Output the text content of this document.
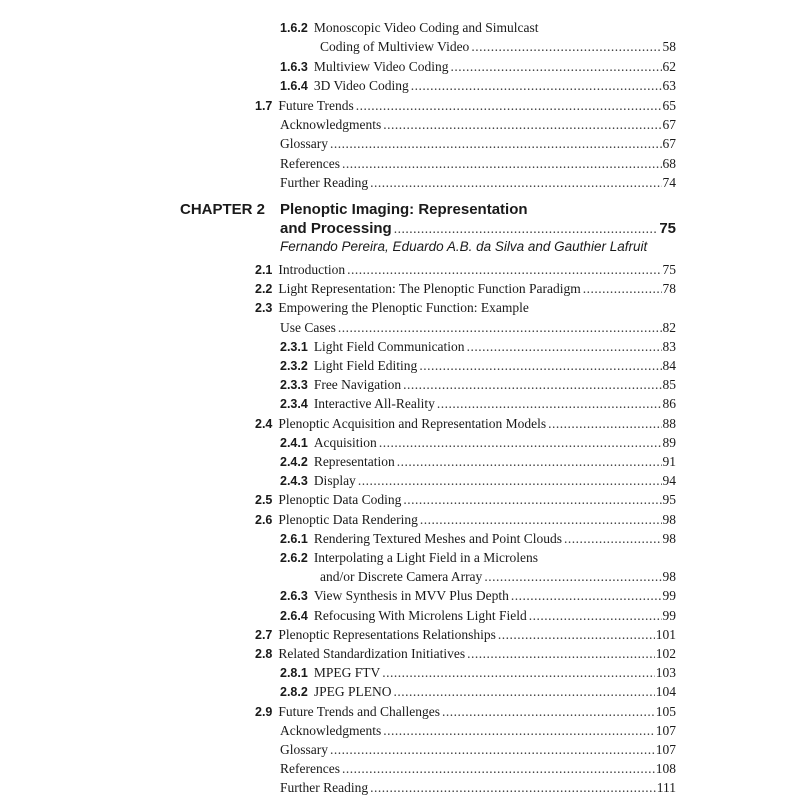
CHAPTER 2 Plenoptic Imaging: Representation
and Processing .....	75
Fernando Pereira, Eduardo A.B. da Silva and Gauthier Lafruit
1.6.2 Monoscopic Video Coding and Simulcast
Coding of Multiview Video .....	58
1.6.3 Multiview Video Coding .....	62
1.6.4 3D Video Coding .....	63
1.7 Future Trends .....	65
Acknowledgments .....	67
Glossary .....	67
References .....	68
Further Reading .....	74
2.1 Introduction .....	75
2.2 Light Representation: The Plenoptic Function Paradigm .....	78
2.3 Empowering the Plenoptic Function: Example
Use Cases .....	82
2.3.1 Light Field Communication .....	83
2.3.2 Light Field Editing .....	84
2.3.3 Free Navigation .....	85
2.3.4 Interactive All-Reality .....	86
2.4 Plenoptic Acquisition and Representation Models .....	88
2.4.1 Acquisition .....	89
2.4.2 Representation .....	91
2.4.3 Display .....	94
2.5 Plenoptic Data Coding .....	95
2.6 Plenoptic Data Rendering .....	98
2.6.1 Rendering Textured Meshes and Point Clouds .....	98
2.6.2 Interpolating a Light Field in a Microlens
and/or Discrete Camera Array .....	98
2.6.3 View Synthesis in MVV Plus Depth .....	99
2.6.4 Refocusing With Microlens Light Field .....	99
2.7 Plenoptic Representations Relationships .....	101
2.8 Related Standardization Initiatives .....	102
2.8.1 MPEG FTV .....	103
2.8.2 JPEG PLENO .....	104
2.9 Future Trends and Challenges .....	105
Acknowledgments .....	107
Glossary .....	107
References .....	108
Further Reading .....	111
